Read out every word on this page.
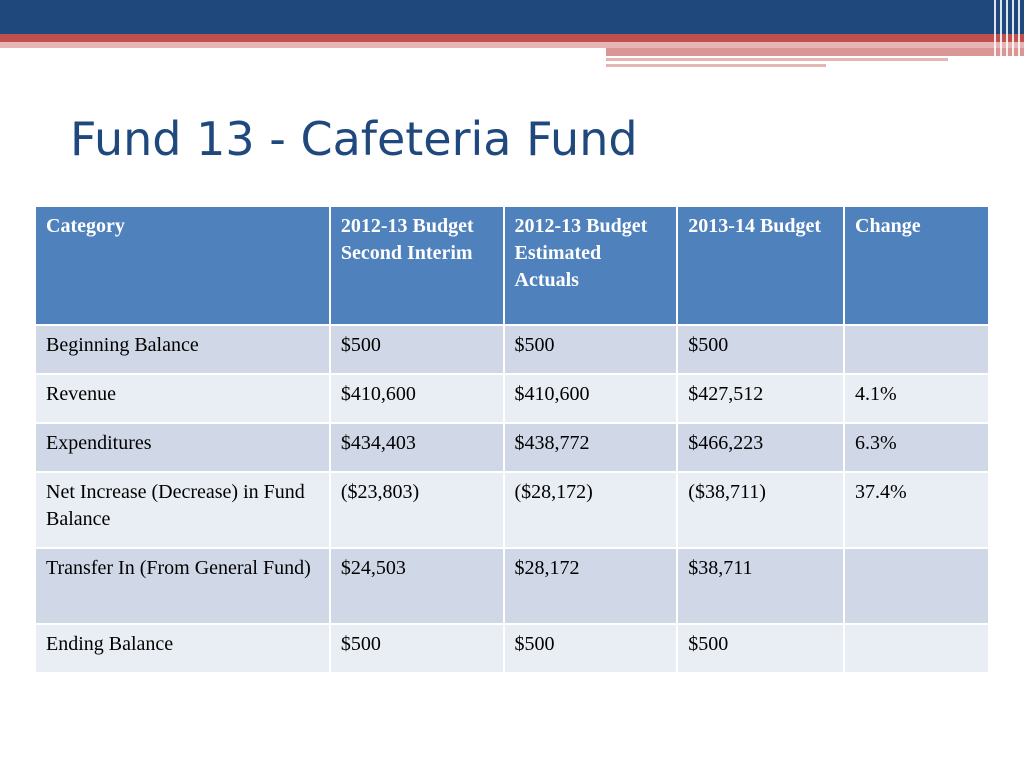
Fund 13 - Cafeteria Fund
Category	2012-13 Budget Second Interim	2012-13 Budget Estimated Actuals	2013-14 Budget	Change
Beginning Balance	$500	$500	$500	
Revenue	$410,600	$410,600	$427,512	4.1%
Expenditures	$434,403	$438,772	$466,223	6.3%
Net Increase (Decrease) in Fund Balance	($23,803)	($28,172)	($38,711)	37.4%
Transfer In (From General Fund)	$24,503	$28,172	$38,711	
Ending Balance	$500	$500	$500	
